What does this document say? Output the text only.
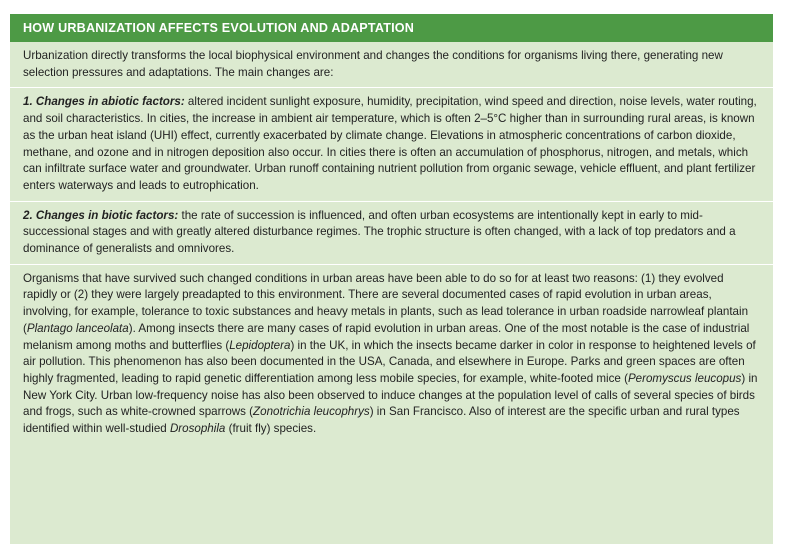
HOW URBANIZATION AFFECTS EVOLUTION AND ADAPTATION

Urbanization directly transforms the local biophysical environment and changes the conditions for organisms living there, generating new selection pressures and adaptations. The main changes are:

1. Changes in abiotic factors: altered incident sunlight exposure, humidity, precipitation, wind speed and direction, noise levels, water routing, and soil characteristics. In cities, the increase in ambient air temperature, which is often 2–5°C higher than in surrounding rural areas, is known as the urban heat island (UHI) effect, currently exacerbated by climate change. Elevations in atmospheric concentrations of carbon dioxide, methane, and ozone and in nitrogen deposition also occur. In cities there is often an accumulation of phosphorus, nitrogen, and metals, which can infiltrate surface water and groundwater. Urban runoff containing nutrient pollution from organic sewage, vehicle effluent, and plant fertilizer enters waterways and leads to eutrophication.

2. Changes in biotic factors: the rate of succession is influenced, and often urban ecosystems are intentionally kept in early to mid- successional stages and with greatly altered disturbance regimes. The trophic structure is often changed, with a lack of top predators and a dominance of generalists and omnivores.

Organisms that have survived such changed conditions in urban areas have been able to do so for at least two reasons: (1) they evolved rapidly or (2) they were largely preadapted to this environment. There are several documented cases of rapid evolution in urban areas, involving, for example, tolerance to toxic substances and heavy metals in plants, such as lead tolerance in urban roadside narrowleaf plantain (Plantago lanceolata). Among insects there are many cases of rapid evolution in urban areas. One of the most notable is the case of industrial melanism among moths and butterflies (Lepidoptera) in the UK, in which the insects became darker in color in response to heightened levels of air pollution. This phenomenon has also been documented in the USA, Canada, and elsewhere in Europe. Parks and green spaces are often highly fragmented, leading to rapid genetic differentiation among less mobile species, for example, white-footed mice (Peromyscus leucopus) in New York City. Urban low-frequency noise has also been observed to induce changes at the population level of calls of several species of birds and frogs, such as white-crowned sparrows (Zonotrichia leucophrys) in San Francisco. Also of interest are the specific urban and rural types identified within well-studied Drosophila (fruit fly) species.
